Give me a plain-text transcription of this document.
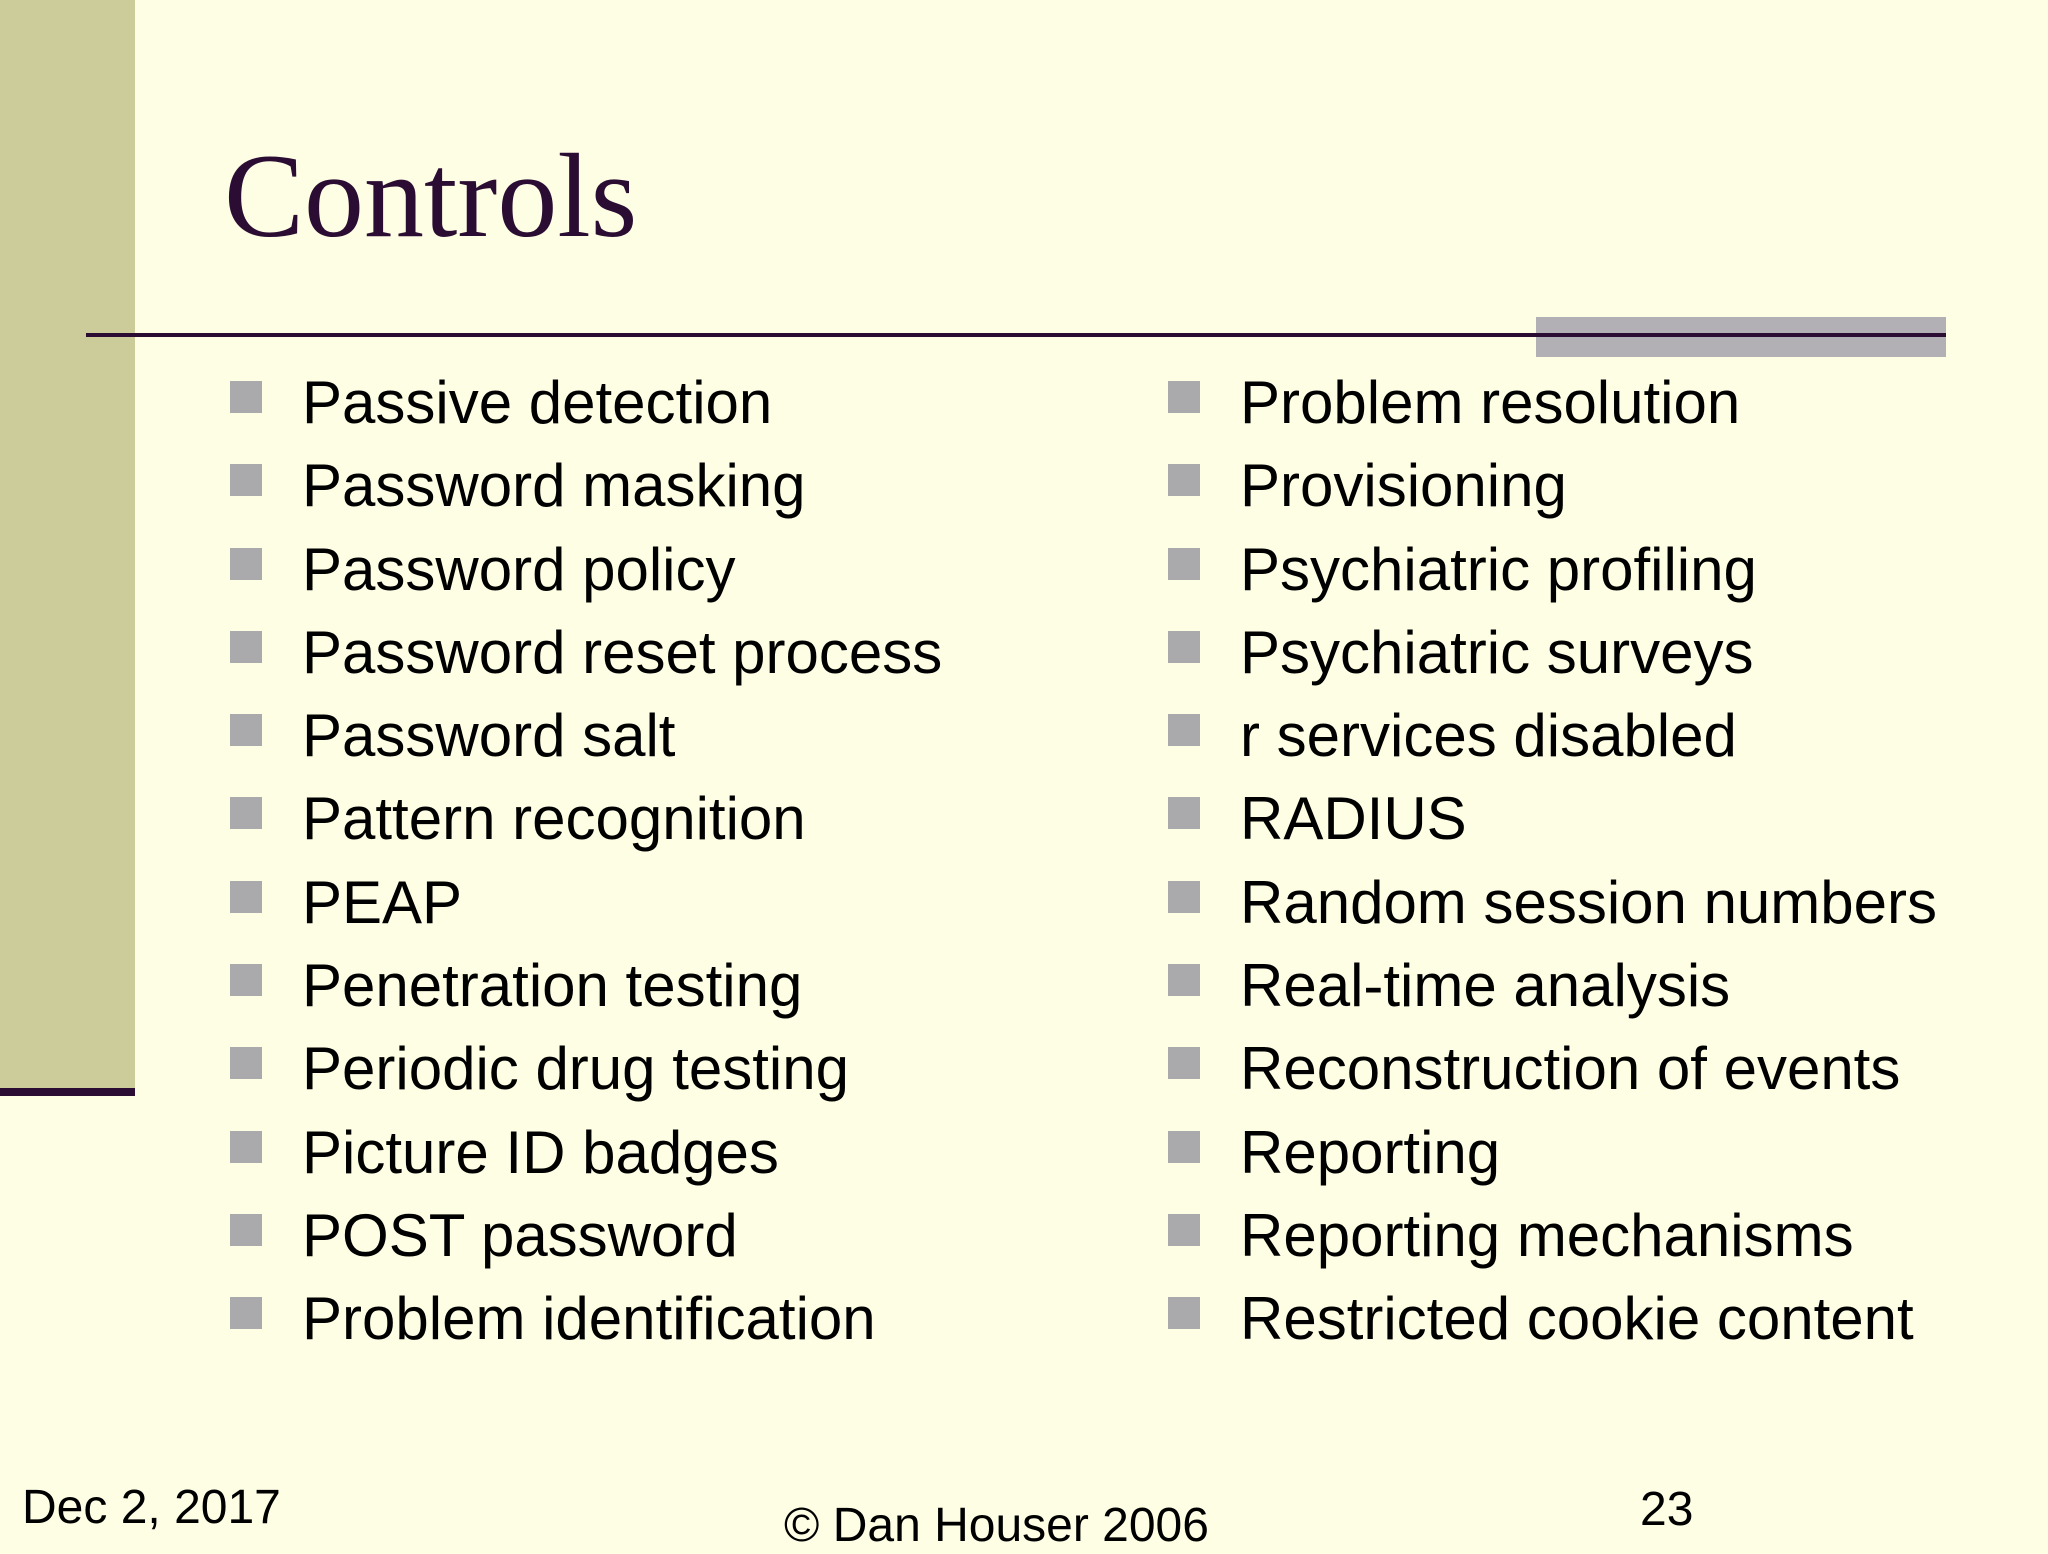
Controls
Passive detection
Password masking
Password policy
Password reset process
Password salt
Pattern recognition
PEAP
Penetration testing
Periodic drug testing
Picture ID badges
POST password
Problem identification
Problem resolution
Provisioning
Psychiatric profiling
Psychiatric surveys
r services disabled
RADIUS
Random session numbers
Real-time analysis
Reconstruction of events
Reporting
Reporting mechanisms
Restricted cookie content
Dec 2, 2017	© Dan Houser 2006	23
